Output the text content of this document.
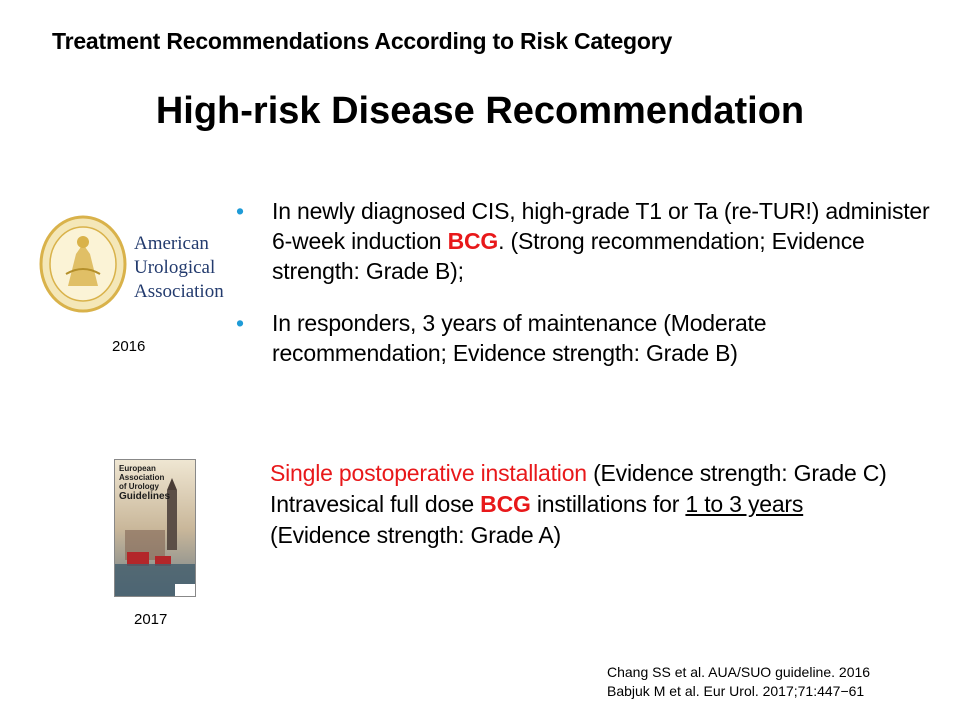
Treatment Recommendations According to Risk Category
High-risk Disease Recommendation
American
Urological
Association
2016
• In newly diagnosed CIS, high-grade T1 or Ta (re-TUR!) administer 6-week induction BCG. (Strong recommendation; Evidence strength: Grade B);
• In responders, 3 years of maintenance (Moderate recommendation; Evidence strength: Grade B)
European
Association
of Urology
Guidelines
2017
Single postoperative installation (Evidence strength: Grade C)
Intravesical full dose BCG instillations for 1 to 3 years
(Evidence strength: Grade A)
Chang SS et al. AUA/SUO guideline. 2016
Babjuk M et al. Eur Urol. 2017;71:447−61
